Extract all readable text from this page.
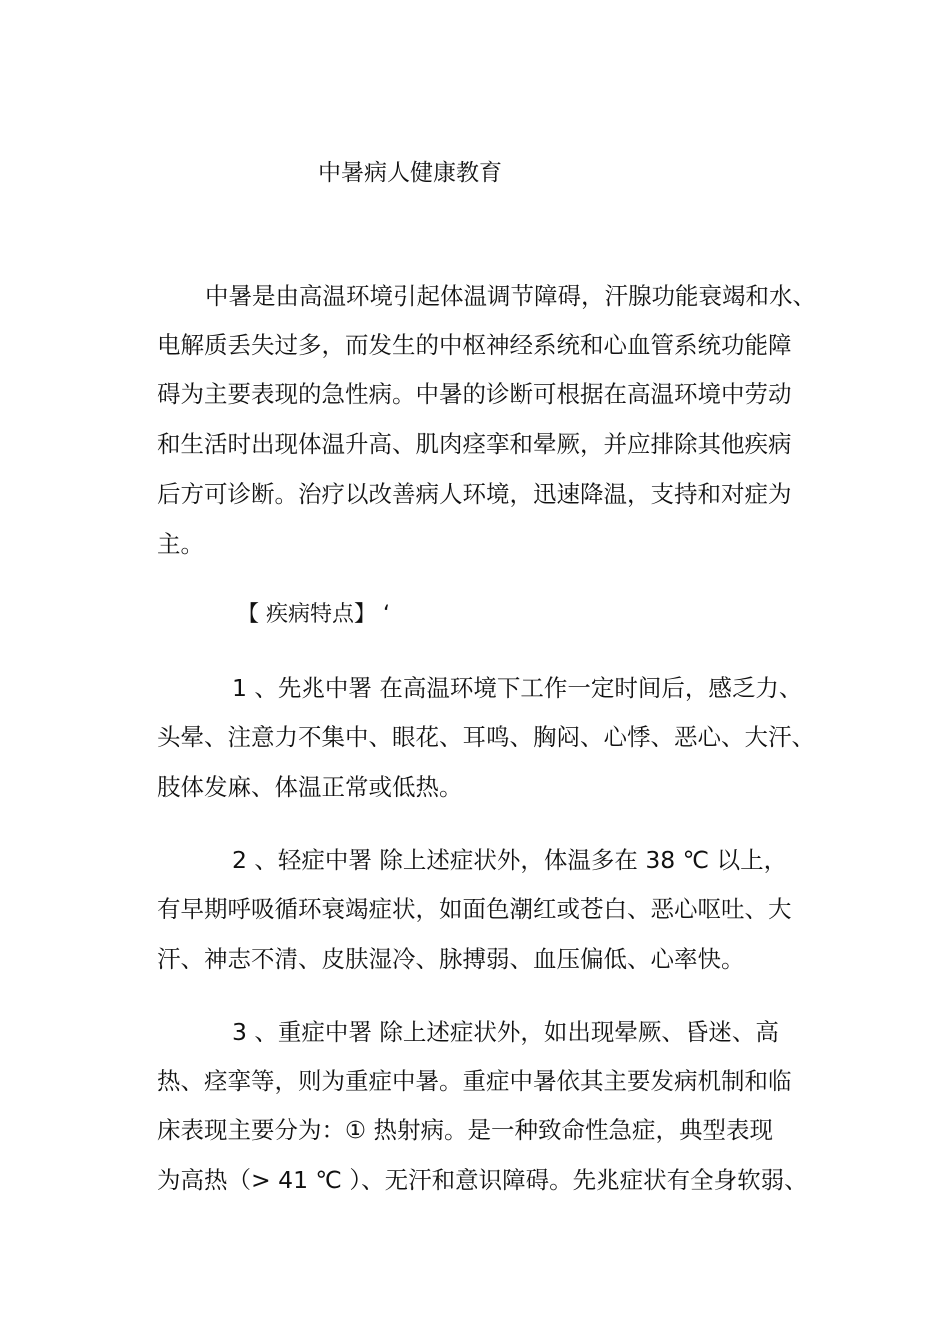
中暑病人健康教育
中暑是由高温环境引起体温调节障碍，汗腺功能衰竭和水、
电解质丢失过多，而发生的中枢神经系统和心血管系统功能障
碍为主要表现的急性病。中暑的诊断可根据在高温环境中劳动
和生活时出现体温升高、肌肉痉挛和晕厥，并应排除其他疾病
后方可诊断。治疗以改善病人环境，迅速降温，支持和对症为
主。
【 疾病特点】 ‘
1 、先兆中署 在高温环境下工作一定时间后，感乏力、
头晕、注意力不集中、眼花、耳鸣、胸闷、心悸、恶心、大汗、
肢体发麻、体温正常或低热。
2 、轻症中署 除上述症状外，体温多在 38 ℃ 以上，
有早期呼吸循环衰竭症状，如面色潮红或苍白、恶心呕吐、大
汗、神志不清、皮肤湿冷、脉搏弱、血压偏低、心率快。
3 、重症中署 除上述症状外，如出现晕厥、昏迷、高
热、痉挛等，则为重症中暑。重症中暑依其主要发病机制和临
床表现主要分为：① 热射病。是一种致命性急症，典型表现
为高热（> 41 ℃ ）、无汗和意识障碍。先兆症状有全身软弱、
